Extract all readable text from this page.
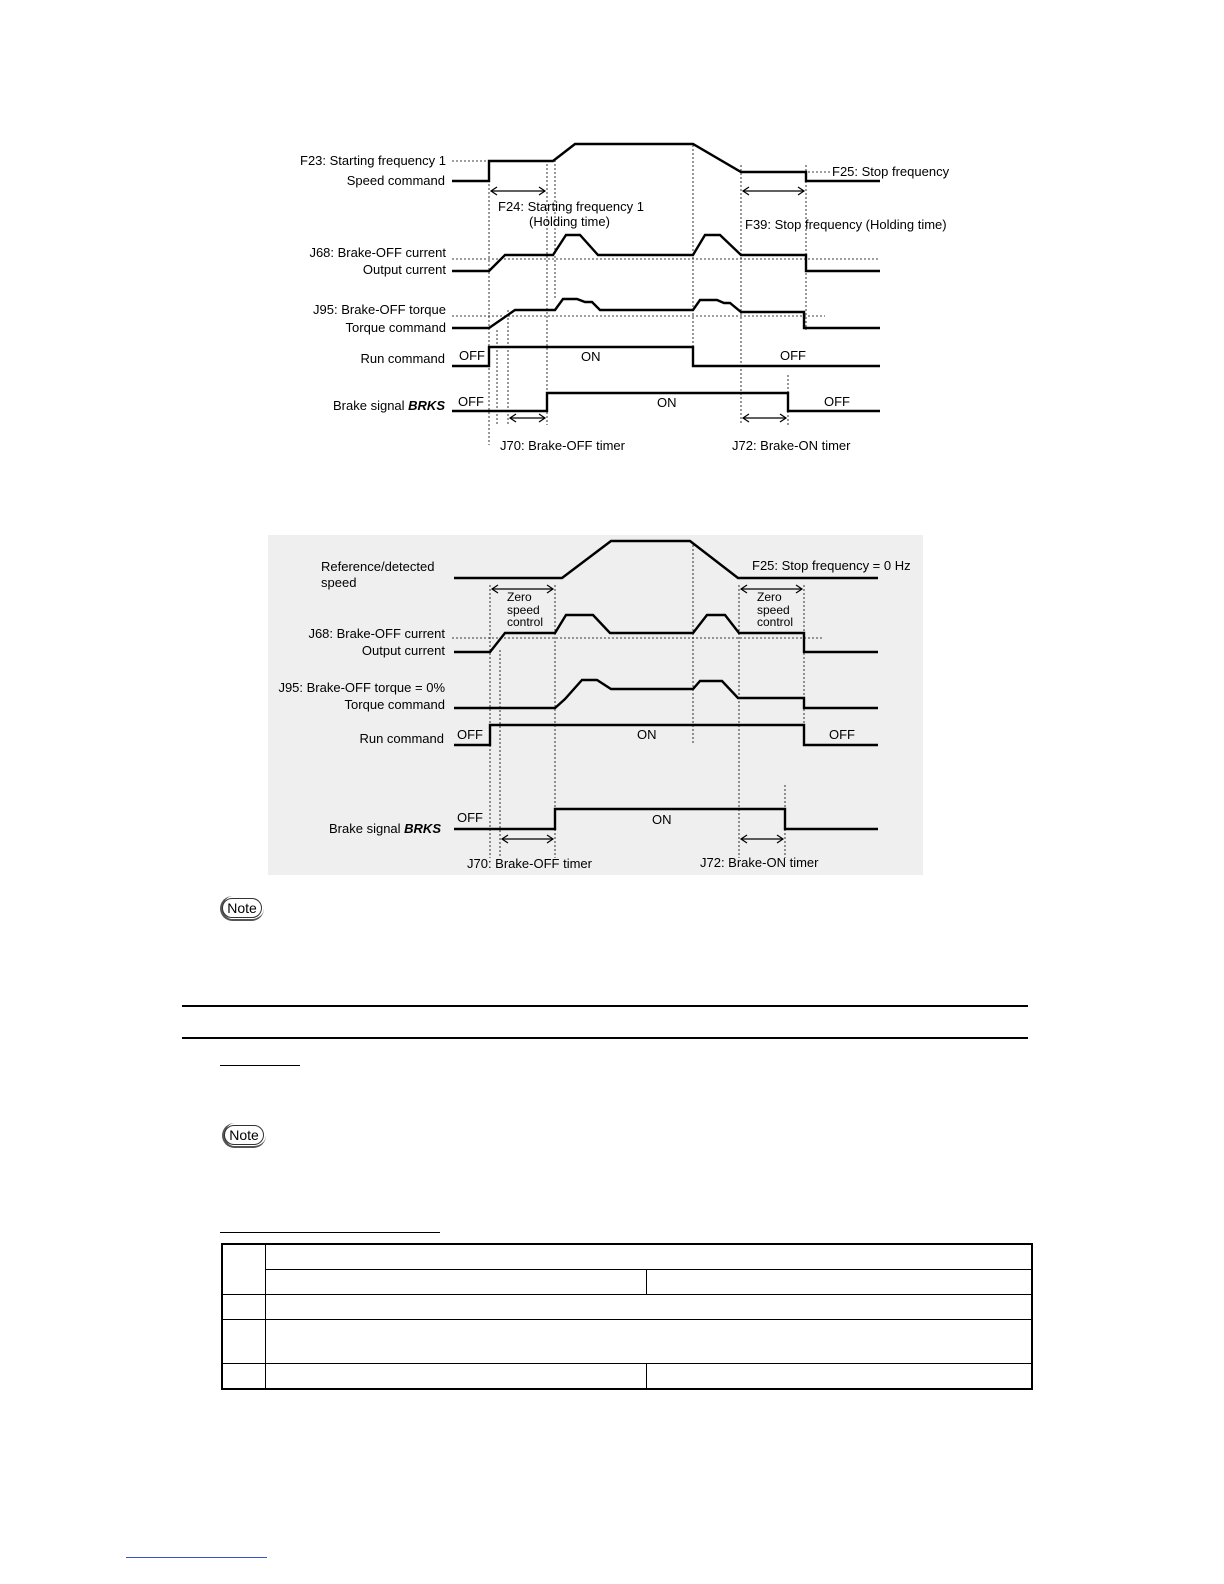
F23: Starting frequency 1
Speed command
F25: Stop frequency
F24: Starting frequency 1
(Holding time)	F39: Stop frequency (Holding time)
J68: Brake-OFF current
Output current
J95: Brake-OFF torque
Torque command
Run command
Brake signal BRKS
OFF	ON	OFF
OFF	ON	OFF
J70: Brake-OFF timer	J72: Brake-ON timer
Reference/detected
speed
F25: Stop frequency = 0 Hz
Zero
speed
control
Zero
speed
control
J68: Brake-OFF current
Output current
J95: Brake-OFF torque = 0%
Torque command
Run command
Brake signal BRKS
OFF	ON	OFF
OFF	ON
J70: Brake-OFF timer	J72: Brake-ON timer
Note
Note
